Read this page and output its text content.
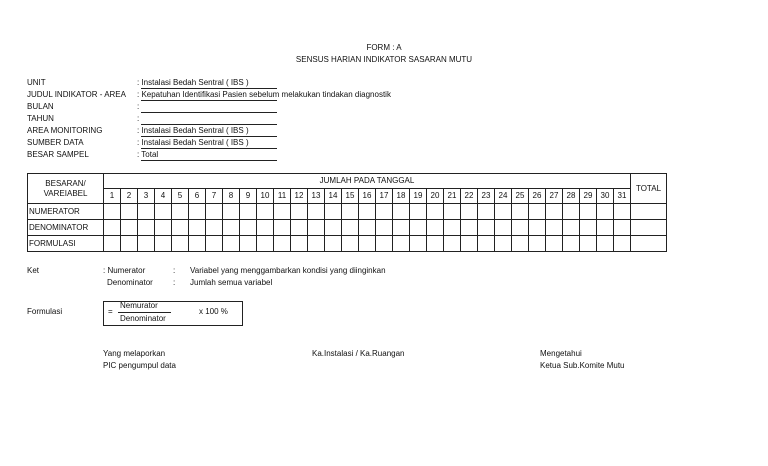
FORM : A
SENSUS HARIAN INDIKATOR SASARAN MUTU
UNIT	: Instalasi Bedah Sentral ( IBS )
JUDUL INDIKATOR - AREA : Kepatuhan Identifikasi Pasien sebelum melakukan tindakan diagnostik
BULAN	:
TAHUN	:
AREA MONITORING	: Instalasi Bedah Sentral ( IBS )
SUMBER DATA	: Instalasi Bedah Sentral ( IBS )
BESAR SAMPEL	: Total
BESARAN/ VAREIABEL	JUMLAH PADA TANGGAL																															TOTAL
	1	2	3	4	5	6	7	8	9	10	11	12	13	14	15	16	17	18	19	20	21	22	23	24	25	26	27	28	29	30	31	
NUMERATOR																																
DENOMINATOR																																
FORMULASI																																
Ket	: Numerator	: Variabel yang menggambarkan kondisi yang diinginkan
Denominator	: Jumlah semua variabel
Formulasi	=
Nemurator
Denominator
x 100 %
Yang melaporkan
PIC pengumpul data
Ka.Instalasi / Ka.Ruangan	Mengetahui
Ketua Sub.Komite Mutu
